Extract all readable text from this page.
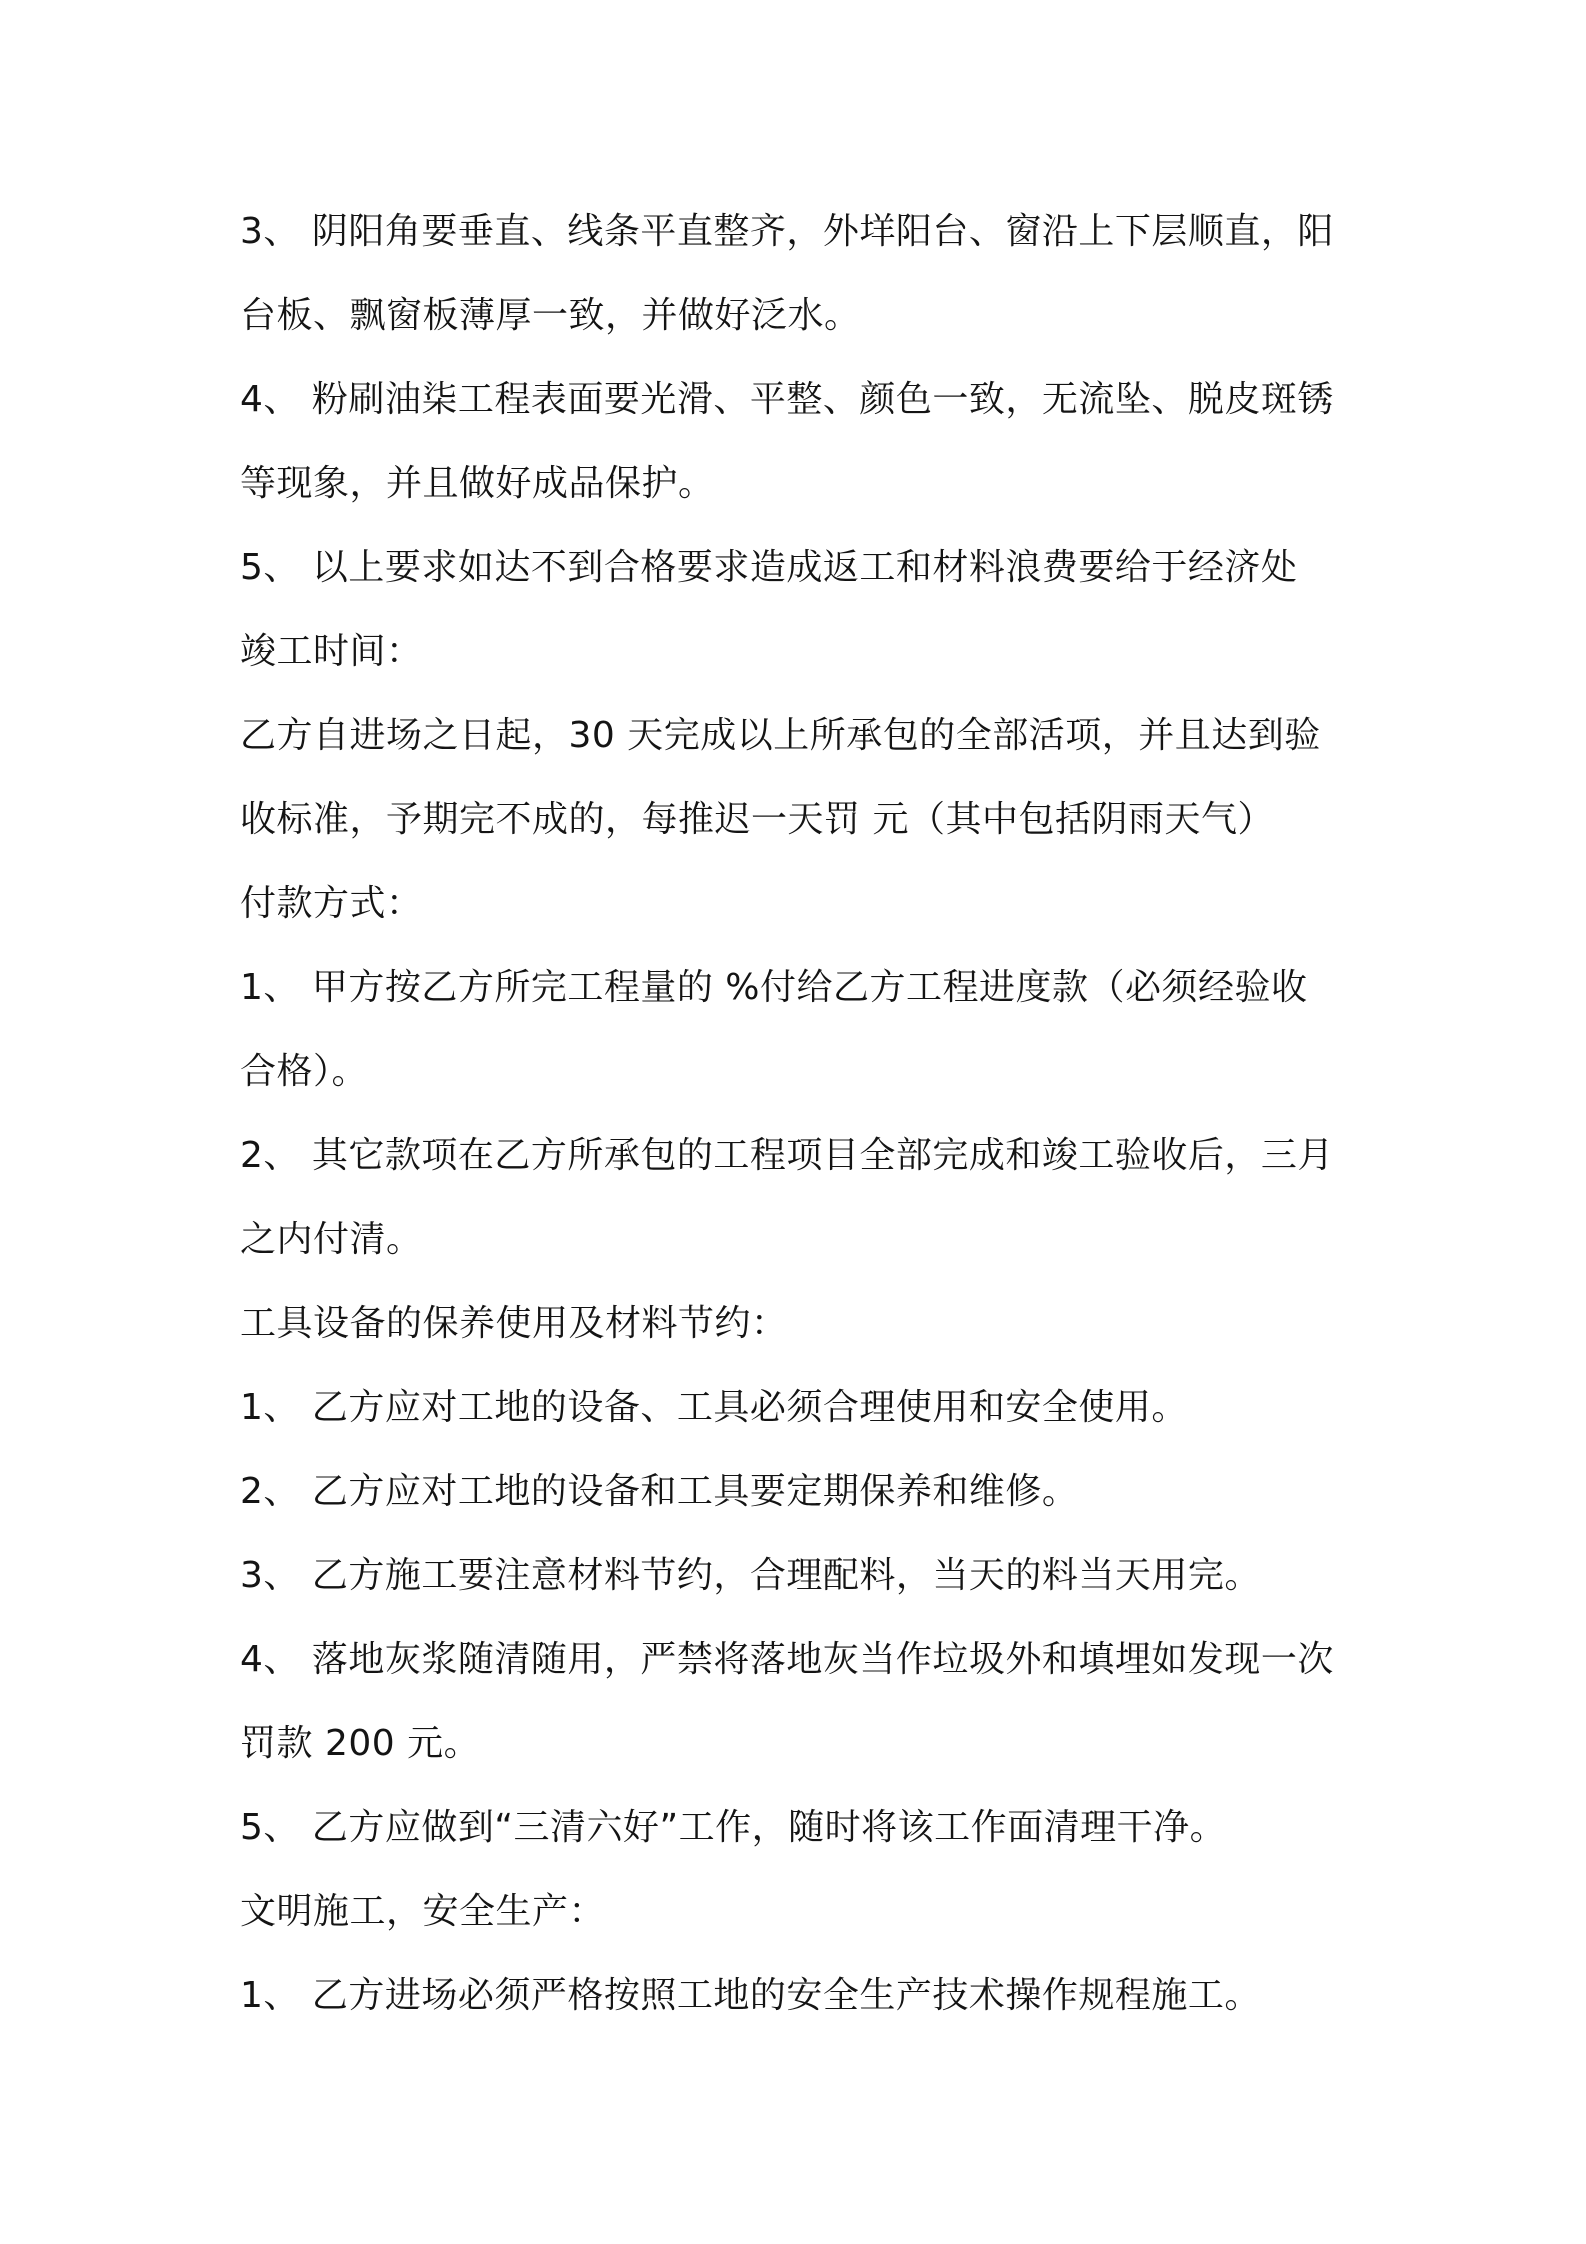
3、 阴阳角要垂直、线条平直整齐，外垟阳台、窗沿上下层顺直，阳
台板、飘窗板薄厚一致，并做好泛水。
4、 粉刷油柒工程表面要光滑、平整、颜色一致，无流坠、脱皮斑锈
等现象，并且做好成品保护。
5、 以上要求如达不到合格要求造成返工和材料浪费要给于经济处
竣工时间：
乙方自进场之日起，30 天完成以上所承包的全部活项，并且达到验
收标准，予期完不成的，每推迟一天罚 元（其中包括阴雨天气）
付款方式：
1、 甲方按乙方所完工程量的 %付给乙方工程进度款（必须经验收
合格）。
2、 其它款项在乙方所承包的工程项目全部完成和竣工验收后，三月
之内付清。
工具设备的保养使用及材料节约：
1、 乙方应对工地的设备、工具必须合理使用和安全使用。
2、 乙方应对工地的设备和工具要定期保养和维修。
3、 乙方施工要注意材料节约，合理配料，当天的料当天用完。
4、 落地灰浆随清随用，严禁将落地灰当作垃圾外和填埋如发现一次
罚款 200 元。
5、 乙方应做到“三清六好”工作，随时将该工作面清理干净。
文明施工，安全生产：
1、 乙方进场必须严格按照工地的安全生产技术操作规程施工。
